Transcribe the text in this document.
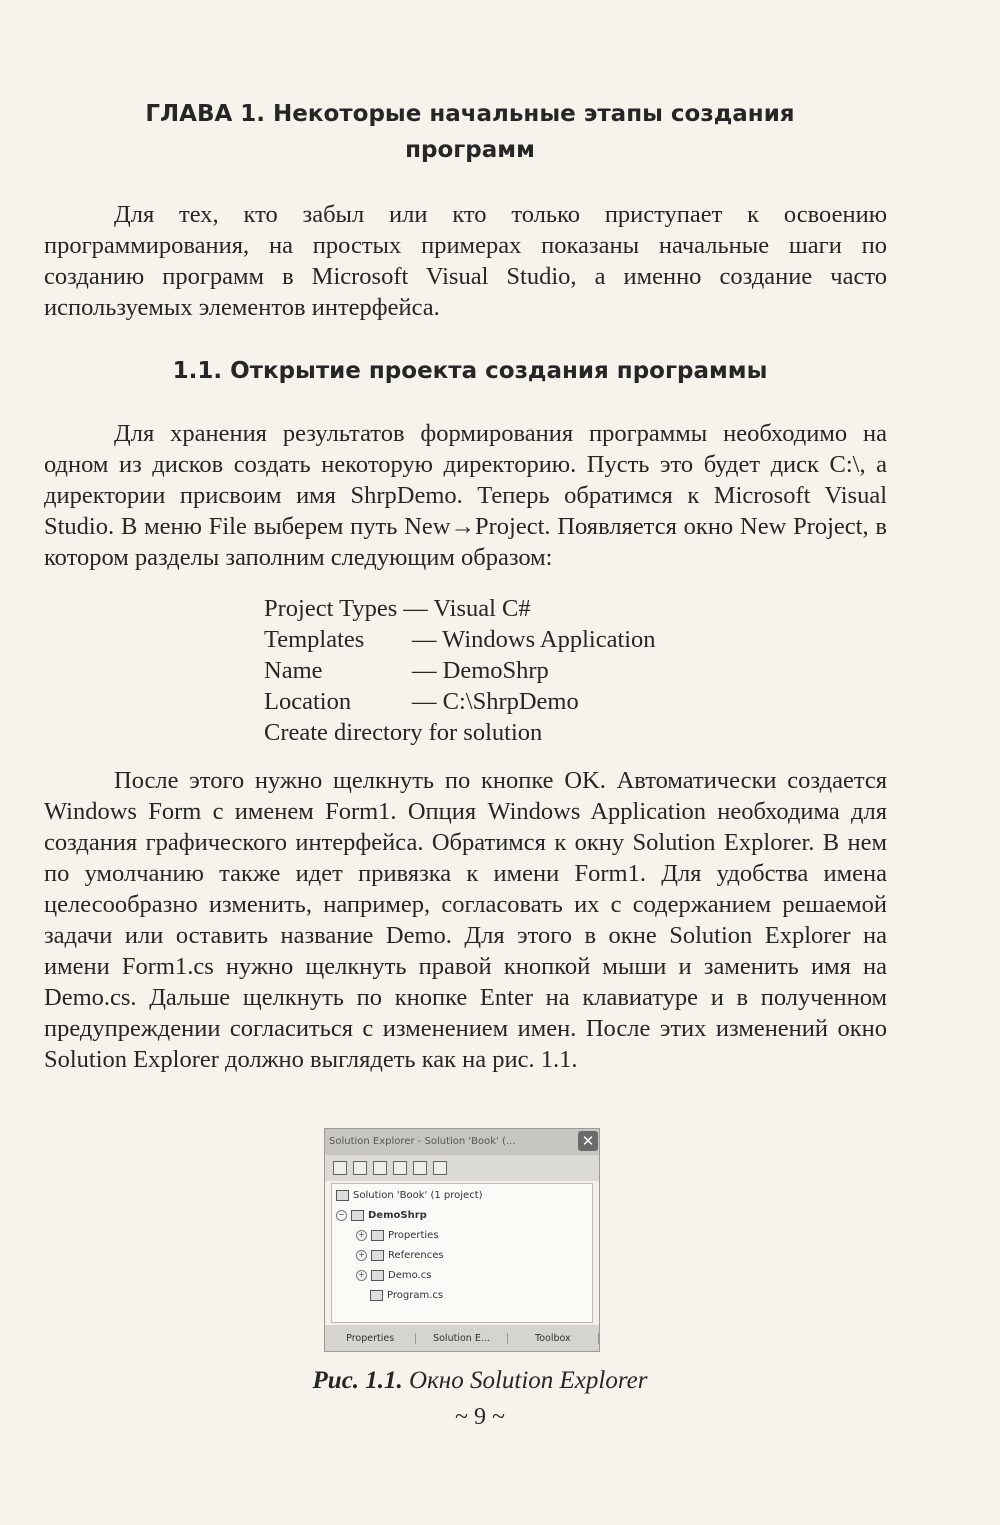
ГЛАВА 1. Некоторые начальные этапы создания
программ

Для тех, кто забыл или кто только приступает к освоению программирования, на простых примерах показаны начальные шаги по созданию программ в Microsoft Visual Studio, а именно создание часто используемых элементов интерфейса.

1.1. Открытие проекта создания программы

Для хранения результатов формирования программы необходимо на одном из дисков создать некоторую директорию. Пусть это будет диск C:\, а директории присвоим имя ShrpDemo. Теперь обратимся к Microsoft Visual Studio. В меню File выберем путь New→Project. Появляется окно New Project, в котором разделы заполним следующим образом:

Project Types — Visual C#
Templates	— Windows Application
Name	— DemoShrp
Location	— C:\ShrpDemo
Create directory for solution

После этого нужно щелкнуть по кнопке OK. Автоматически создается Windows Form с именем Form1. Опция Windows Application необходима для создания графического интерфейса. Обратимся к окну Solution Explorer. В нем по умолчанию также идет привязка к имени Form1. Для удобства имена целесообразно изменить, например, согласовать их с содержанием решаемой задачи или оставить название Demo. Для этого в окне Solution Explorer на имени Form1.cs нужно щелкнуть правой кнопкой мыши и заменить имя на Demo.cs. Дальше щелкнуть по кнопке Enter на клавиатуре и в полученном предупреждении согласиться с изменением имен. После этих изменений окно Solution Explorer должно выглядеть как на рис. 1.1.

Solution Explorer - Solution 'Book' (...	✕
Solution 'Book' (1 project)
− DemoShrp
+ Properties
+ References
+ Demo.cs
Program.cs
Properties	Solution E...	Toolbox
Рис. 1.1. Окно Solution Explorer
~ 9 ~
